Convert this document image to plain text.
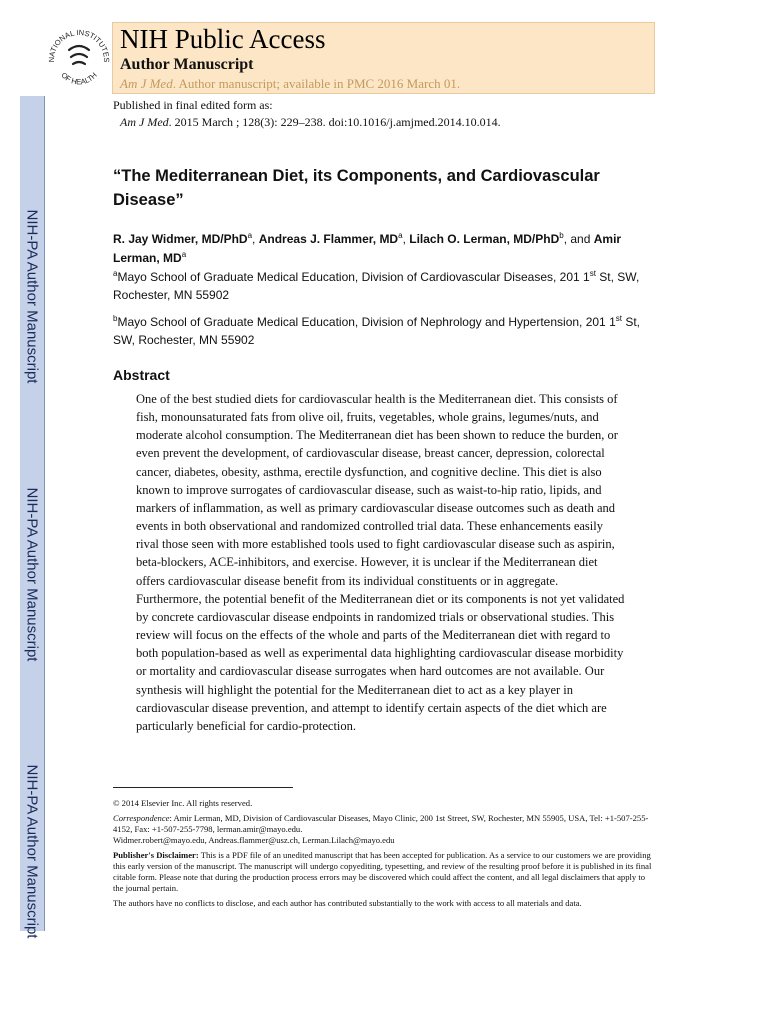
NIH-PA Author Manuscript
NIH-PA Author Manuscript
NIH-PA Author Manuscript
NATIONAL INSTITUTES
OF HEALTH
NIH Public Access
Author Manuscript
Am J Med. Author manuscript; available in PMC 2016 March 01.
Published in final edited form as:
Am J Med. 2015 March ; 128(3): 229–238. doi:10.1016/j.amjmed.2014.10.014.
“The Mediterranean Diet, its Components, and Cardiovascular Disease”
R. Jay Widmer, MD/PhD$^a$, Andreas J. Flammer, $MD^a$, Lilach O. Lerman, MD/PhD$^b$, and Amir Lerman, $MD^a$
$^a$Mayo School of Graduate Medical Education, Division of Cardiovascular Diseases, 201 1st St, SW, Rochester, MN 55902
$^b$Mayo School of Graduate Medical Education, Division of Nephrology and Hypertension, 201 1st St, SW, Rochester, MN 55902
Abstract

One of the best studied diets for cardiovascular health is the Mediterranean diet. This consists of fish, monounsaturated fats from olive oil, fruits, vegetables, whole grains, legumes/nuts, and moderate alcohol consumption. The Mediterranean diet has been shown to reduce the burden, or even prevent the development, of cardiovascular disease, breast cancer, depression, colorectal cancer, diabetes, obesity, asthma, erectile dysfunction, and cognitive decline. This diet is also known to improve surrogates of cardiovascular disease, such as waist-to-hip ratio, lipids, and markers of inflammation, as well as primary cardiovascular disease outcomes such as death and events in both observational and randomized controlled trial data. These enhancements easily rival those seen with more established tools used to fight cardiovascular disease such as aspirin, beta-blockers, ACE-inhibitors, and exercise. However, it is unclear if the Mediterranean diet offers cardiovascular disease benefit from its individual constituents or in aggregate. Furthermore, the potential benefit of the Mediterranean diet or its components is not yet validated by concrete cardiovascular disease endpoints in randomized trials or observational studies. This review will focus on the effects of the whole and parts of the Mediterranean diet with regard to both population-based as well as experimental data highlighting cardiovascular disease morbidity or mortality and cardiovascular disease surrogates when hard outcomes are not available. Our synthesis will highlight the potential for the Mediterranean diet to act as a key player in cardiovascular disease prevention, and attempt to identify certain aspects of the diet which are particularly beneficial for cardio-protection.

© 2014 Elsevier Inc. All rights reserved.

Correspondence: Amir Lerman, MD, Division of Cardiovascular Diseases, Mayo Clinic, 200 1st Street, SW, Rochester, MN 55905, USA, Tel: +1-507-255-4152, Fax: +1-507-255-7798, lerman.amir@mayo.edu.
Widmer.robert@mayo.edu, Andreas.flammer@usz.ch, Lerman.Lilach@mayo.edu

Publisher's Disclaimer: This is a PDF file of an unedited manuscript that has been accepted for publication. As a service to our customers we are providing this early version of the manuscript. The manuscript will undergo copyediting, typesetting, and review of the resulting proof before it is published in its final citable form. Please note that during the production process errors may be discovered which could affect the content, and all legal disclaimers that apply to the journal pertain.

The authors have no conflicts to disclose, and each author has contributed substantially to the work with access to all materials and data.
